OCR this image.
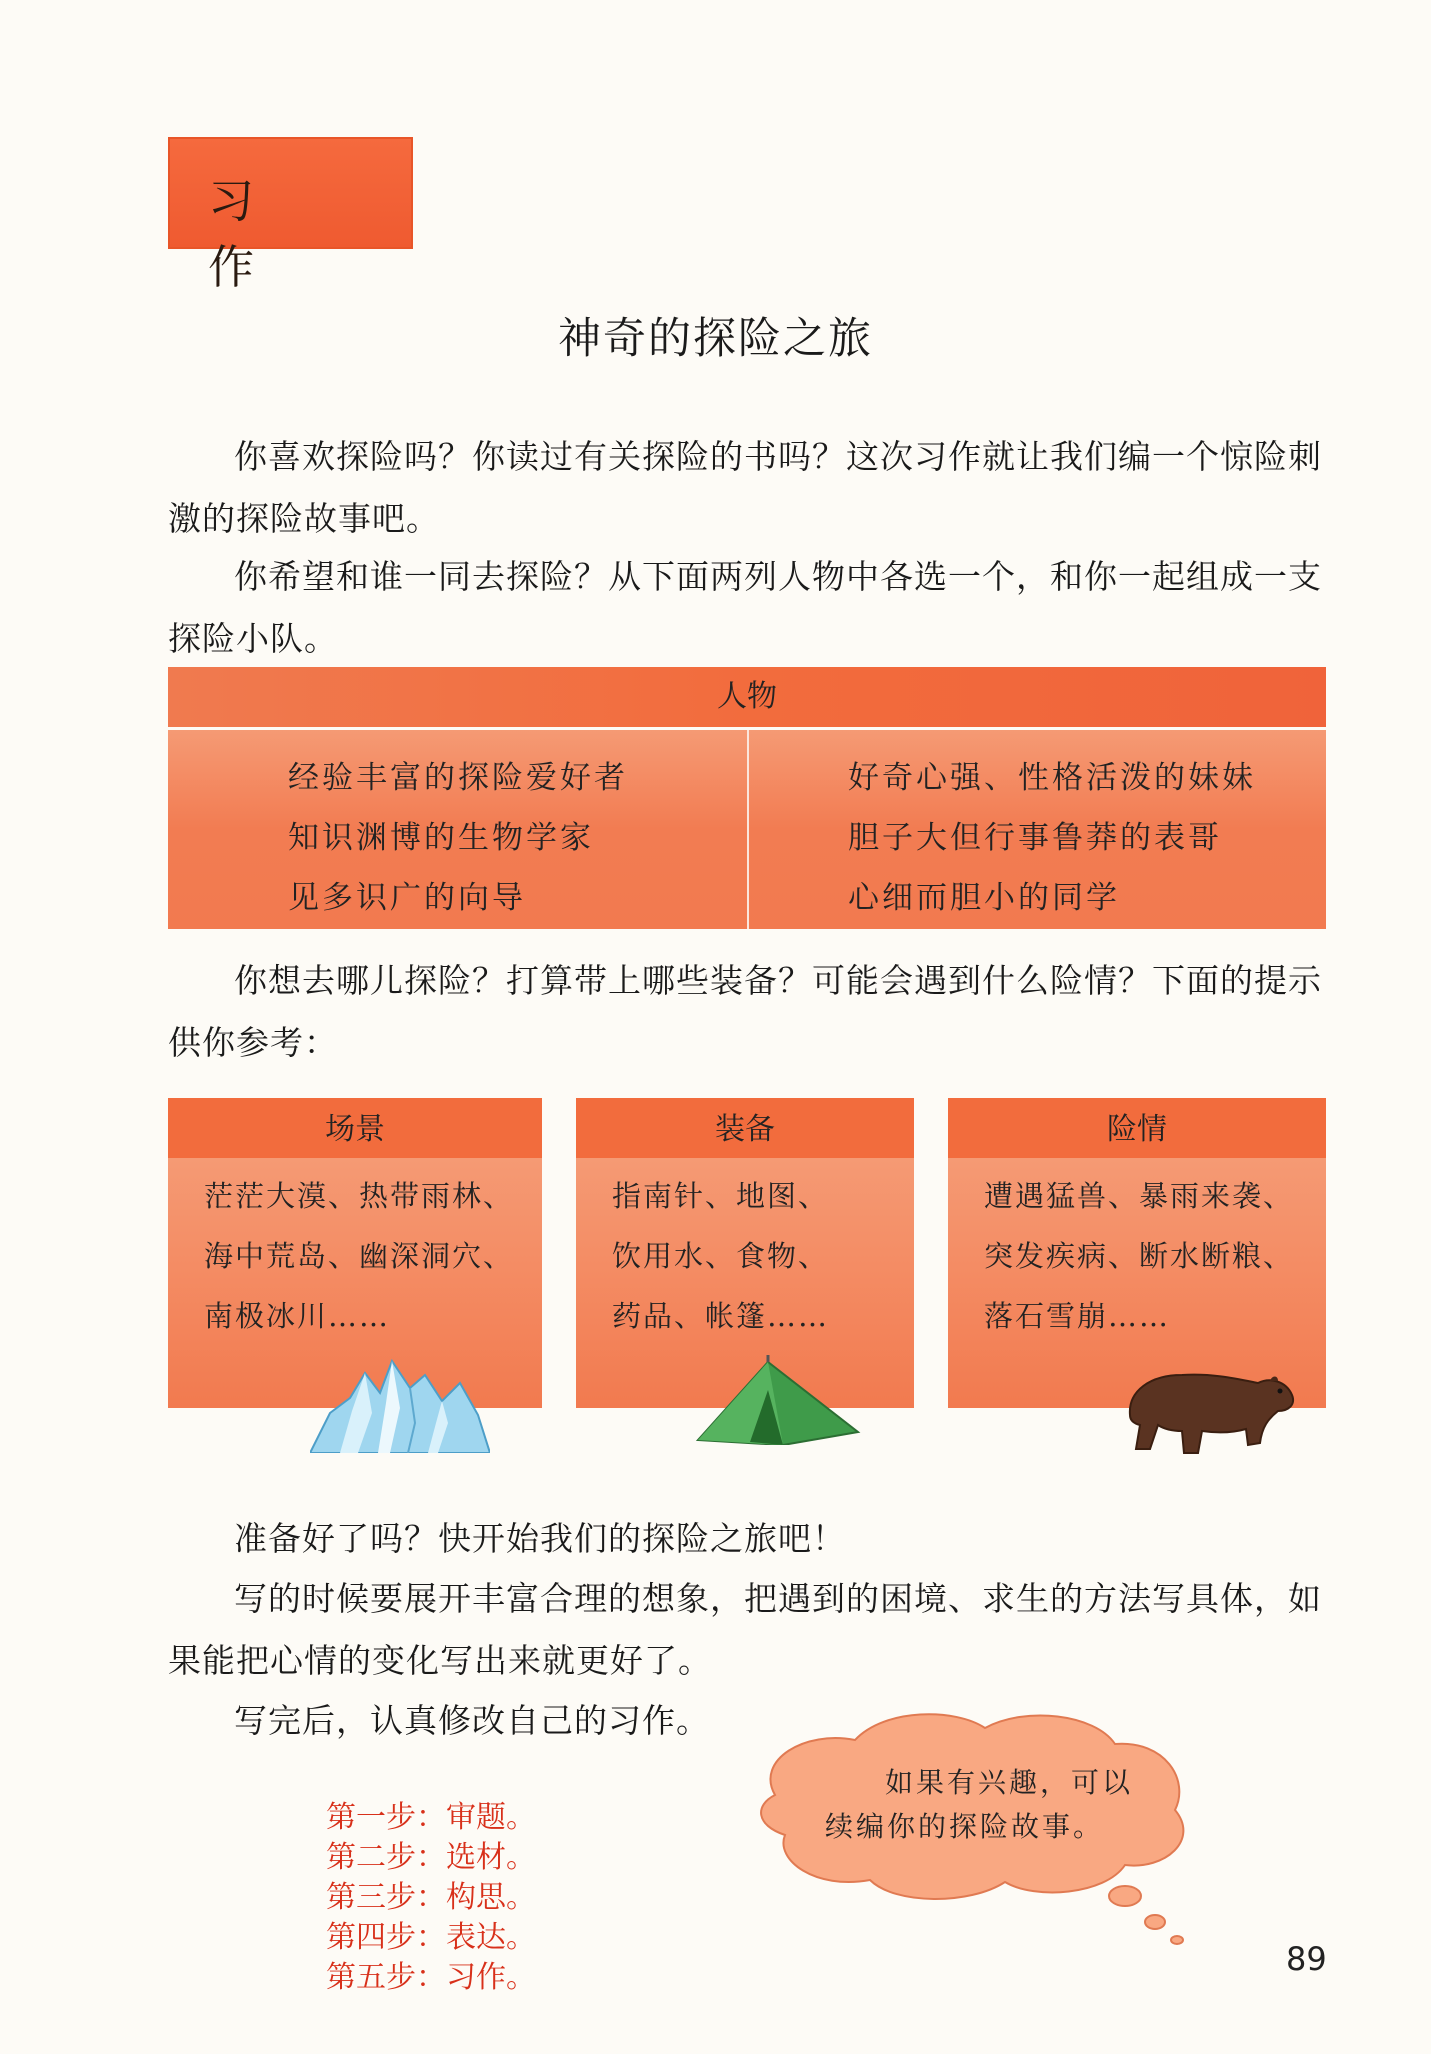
习 作
神奇的探险之旅
你喜欢探险吗？你读过有关探险的书吗？这次习作就让我们编一个惊险刺激的探险故事吧。
你希望和谁一同去探险？从下面两列人物中各选一个，和你一起组成一支探险小队。
人物
经验丰富的探险爱好者
知识渊博的生物学家
见多识广的向导
好奇心强、性格活泼的妹妹
胆子大但行事鲁莽的表哥
心细而胆小的同学
你想去哪儿探险？打算带上哪些装备？可能会遇到什么险情？下面的提示供你参考：
场景
茫茫大漠、热带雨林、
海中荒岛、幽深洞穴、
南极冰川……
装备
指南针、地图、
饮用水、食物、
药品、帐篷……
险情
遭遇猛兽、暴雨来袭、
突发疾病、断水断粮、
落石雪崩……
准备好了吗？快开始我们的探险之旅吧！
写的时候要展开丰富合理的想象，把遇到的困境、求生的方法写具体，如果能把心情的变化写出来就更好了。
写完后，认真修改自己的习作。
如果有兴趣，可以
续编你的探险故事。
第一步：审题。
第二步：选材。
第三步：构思。
第四步：表达。
第五步：习作。	89
